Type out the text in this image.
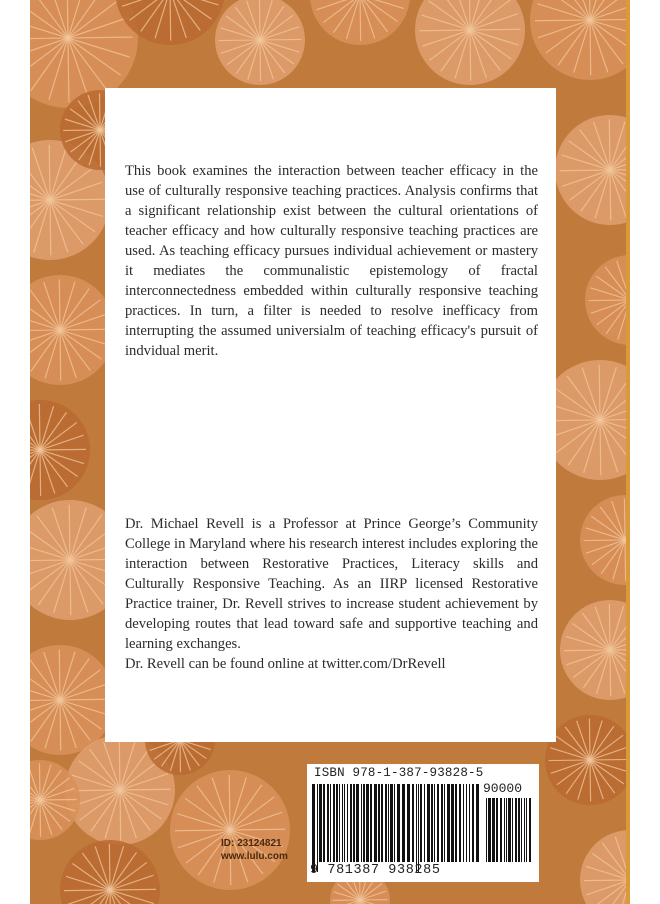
This book examines the interaction between teacher efficacy in the use of culturally responsive teaching practices. Analysis confirms that a significant relationship exist between the cultural orientations of teacher efficacy and how culturally responsive teaching practices are used. As teaching efficacy pursues individual achievement or mastery it mediates the communalistic epistemology of fractal interconnectedness embedded within culturally responsive teaching practices. In turn, a filter is needed to resolve inefficacy from interrupting the assumed universialm of teaching efficacy's pursuit of indvidual merit.

Dr. Michael Revell is a Professor at Prince George’s Community College in Maryland where his research interest includes exploring the interaction between Restorative Practices, Literacy skills and Culturally Responsive Teaching. As an IIRP licensed Restorative Practice trainer, Dr. Revell strives to increase student achievement by developing routes that lead toward safe and supportive teaching and learning exchanges.
Dr. Revell can be found online at twitter.com/DrRevell

ID: 23124821
www.lulu.com
ISBN 978-1-387-93828-5
90000
9 781387 938285
